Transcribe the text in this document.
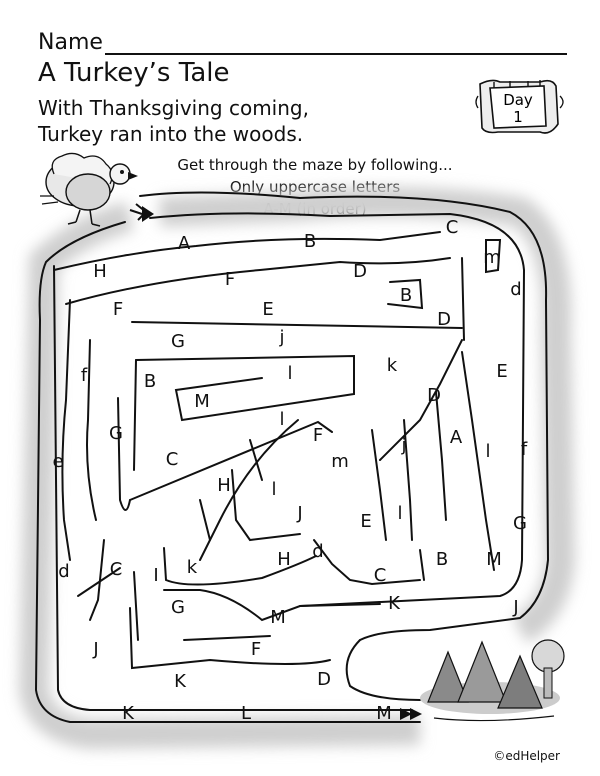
Name
A Turkey’s Tale
With Thanksgiving coming,
Turkey ran into the woods.
Day
1
Get through the maze by following...
Only uppercase letters
A-M (in order)
A	B
C
m
H	F	D
B	d
F	E	D
G	j
f	B	l	k	E
M	D
l
G	F	A
j	f
e	C	m	l
H l
E
J	G
l
d
H	B M
d C I k	C
K	J
G	M
J	F
K	D
K	L	M
©edHelper
